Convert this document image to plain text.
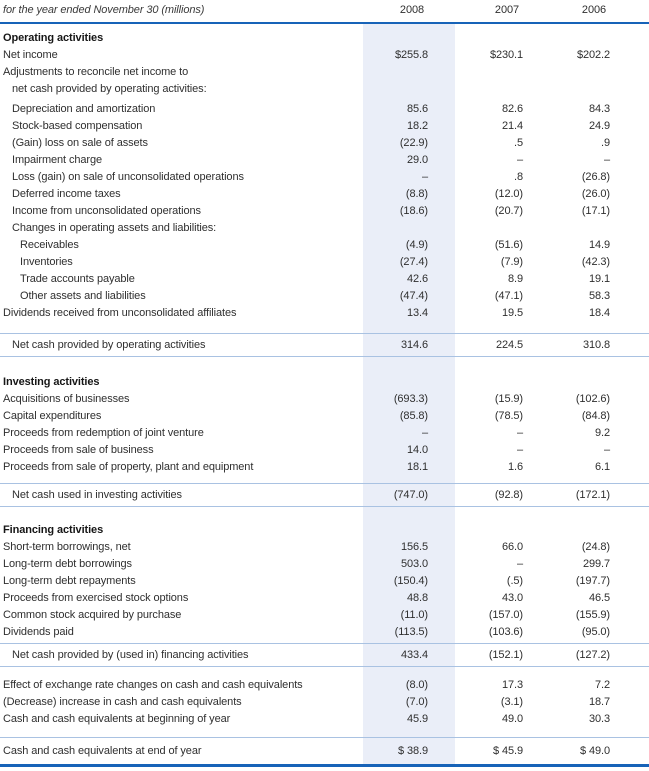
for the year ended November 30 (millions)	2008	2007	2006
Operating activities
Net income	$255.8	$230.1	$202.2
Adjustments to reconcile net income to
net cash provided by operating activities:
Depreciation and amortization	85.6	82.6	84.3
Stock-based compensation	18.2	21.4	24.9
(Gain) loss on sale of assets	(22.9)	.5	.9
Impairment charge	29.0	–	–
Loss (gain) on sale of unconsolidated operations	–	.8	(26.8)
Deferred income taxes	(8.8)	(12.0)	(26.0)
Income from unconsolidated operations	(18.6)	(20.7)	(17.1)
Changes in operating assets and liabilities:
Receivables	(4.9)	(51.6)	14.9
Inventories	(27.4)	(7.9)	(42.3)
Trade accounts payable	42.6	8.9	19.1
Other assets and liabilities	(47.4)	(47.1)	58.3
Dividends received from unconsolidated affiliates	13.4	19.5	18.4
Net cash provided by operating activities	314.6	224.5	310.8
Investing activities
Acquisitions of businesses	(693.3)	(15.9)	(102.6)
Capital expenditures	(85.8)	(78.5)	(84.8)
Proceeds from redemption of joint venture	–	–	9.2
Proceeds from sale of business	14.0	–	–
Proceeds from sale of property, plant and equipment	18.1	1.6	6.1
Net cash used in investing activities	(747.0)	(92.8)	(172.1)
Financing activities
Short-term borrowings, net	156.5	66.0	(24.8)
Long-term debt borrowings	503.0	–	299.7
Long-term debt repayments	(150.4)	(.5)	(197.7)
Proceeds from exercised stock options	48.8	43.0	46.5
Common stock acquired by purchase	(11.0)	(157.0)	(155.9)
Dividends paid	(113.5)	(103.6)	(95.0)
Net cash provided by (used in) financing activities	433.4	(152.1)	(127.2)
Effect of exchange rate changes on cash and cash equivalents	(8.0)	17.3	7.2
(Decrease) increase in cash and cash equivalents	(7.0)	(3.1)	18.7
Cash and cash equivalents at beginning of year	45.9	49.0	30.3
Cash and cash equivalents at end of year	$ 38.9	$ 45.9	$ 49.0
